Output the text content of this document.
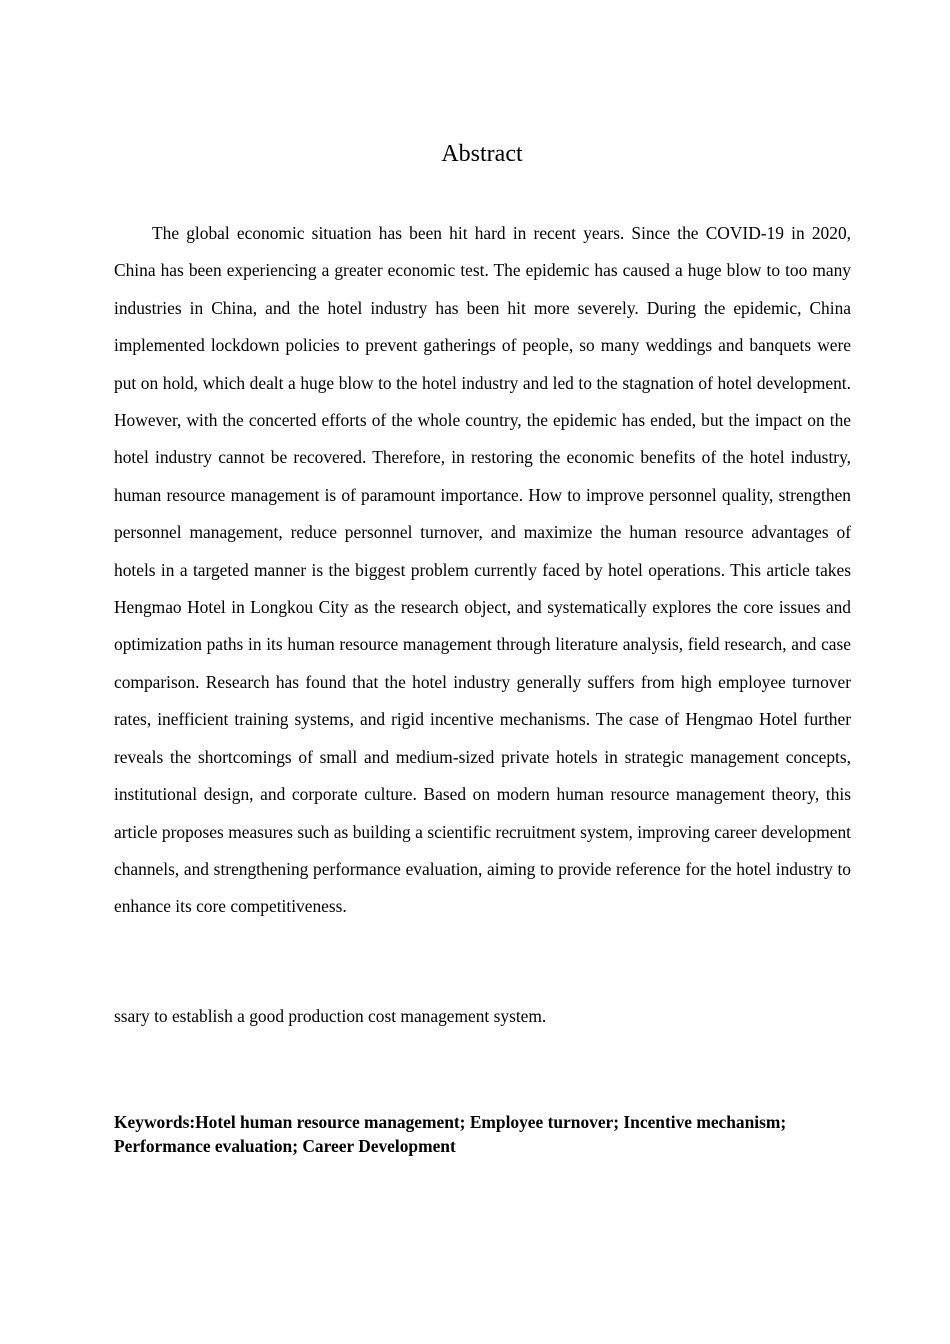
Abstract

The global economic situation has been hit hard in recent years. Since the COVID-19 in 2020, China has been experiencing a greater economic test. The epidemic has caused a huge blow to too many industries in China, and the hotel industry has been hit more severely. During the epidemic, China implemented lockdown policies to prevent gatherings of people, so many weddings and banquets were put on hold, which dealt a huge blow to the hotel industry and led to the stagnation of hotel development. However, with the concerted efforts of the whole country, the epidemic has ended, but the impact on the hotel industry cannot be recovered. Therefore, in restoring the economic benefits of the hotel industry, human resource management is of paramount importance. How to improve personnel quality, strengthen personnel management, reduce personnel turnover, and maximize the human resource advantages of hotels in a targeted manner is the biggest problem currently faced by hotel operations. This article takes Hengmao Hotel in Longkou City as the research object, and systematically explores the core issues and optimization paths in its human resource management through literature analysis, field research, and case comparison. Research has found that the hotel industry generally suffers from high employee turnover rates, inefficient training systems, and rigid incentive mechanisms. The case of Hengmao Hotel further reveals the shortcomings of small and medium-sized private hotels in strategic management concepts, institutional design, and corporate culture. Based on modern human resource management theory, this article proposes measures such as building a scientific recruitment system, improving career development channels, and strengthening performance evaluation, aiming to provide reference for the hotel industry to enhance its core competitiveness.

ssary to establish a good production cost management system.

Keywords:Hotel human resource management; Employee turnover; Incentive mechanism; Performance evaluation; Career Development
